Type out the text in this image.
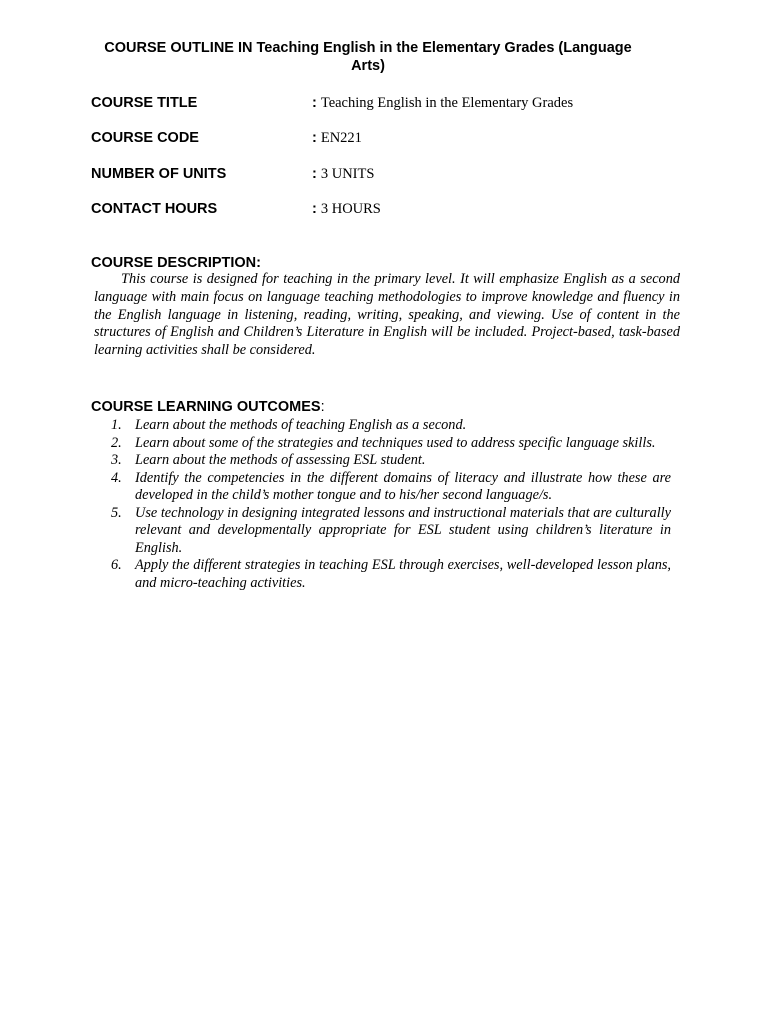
COURSE OUTLINE IN Teaching English in the Elementary Grades (Language Arts)
COURSE TITLE	: Teaching English in the Elementary Grades
COURSE CODE	: EN221
NUMBER OF UNITS	: 3 UNITS
CONTACT HOURS	: 3 HOURS
COURSE DESCRIPTION:
This course is designed for teaching in the primary level. It will emphasize English as a second language with main focus on language teaching methodologies to improve knowledge and fluency in the English language in listening, reading, writing, speaking, and viewing. Use of content in the structures of English and Children’s Literature in English will be included. Project-based, task-based learning activities shall be considered.
COURSE LEARNING OUTCOMES:
1. Learn about the methods of teaching English as a second.
2. Learn about some of the strategies and techniques used to address specific language skills.
3. Learn about the methods of assessing ESL student.
4. Identify the competencies in the different domains of literacy and illustrate how these are developed in the child’s mother tongue and to his/her second language/s.
5. Use technology in designing integrated lessons and instructional materials that are culturally relevant and developmentally appropriate for ESL student using children’s literature in English.
6. Apply the different strategies in teaching ESL through exercises, well-developed lesson plans, and micro-teaching activities.
